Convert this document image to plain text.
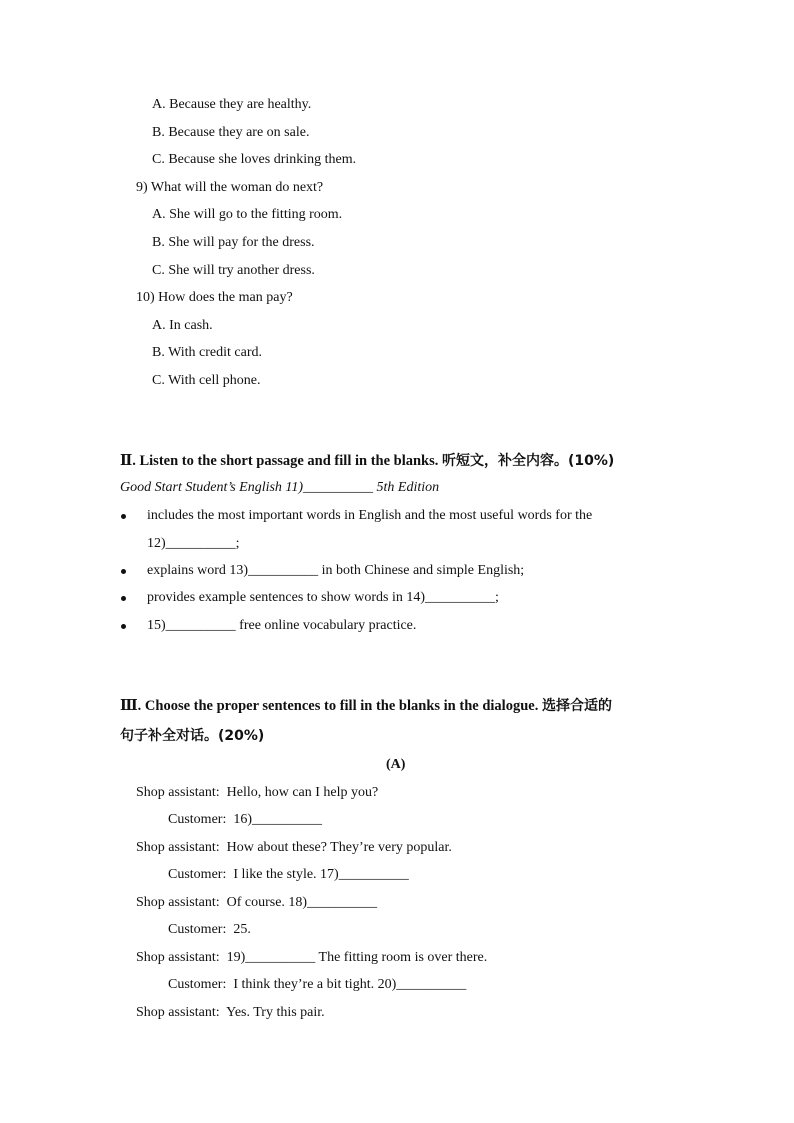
A. Because they are healthy.
B. Because they are on sale.
C. Because she loves drinking them.
9) What will the woman do next?
A. She will go to the fitting room.
B. She will pay for the dress.
C. She will try another dress.
10) How does the man pay?
A. In cash.
B. With credit card.
C. With cell phone.
Ⅱ. Listen to the short passage and fill in the blanks. 听短文，补全内容。(10%)
Good Start Student’s English 11)__________ 5th Edition
includes the most important words in English and the most useful words for the
12)__________;
explains word 13)__________ in both Chinese and simple English;
provides example sentences to show words in 14)__________;
15)__________ free online vocabulary practice.
Ⅲ. Choose the proper sentences to fill in the blanks in the dialogue. 选择合适的
句子补全对话。(20%)
(A)
Shop assistant: Hello, how can I help you?
Customer: 16)__________
Shop assistant: How about these? They’re very popular.
Customer: I like the style. 17)__________
Shop assistant: Of course. 18)__________
Customer: 25.
Shop assistant: 19)__________ The fitting room is over there.
Customer: I think they’re a bit tight. 20)__________
Shop assistant: Yes. Try this pair.
